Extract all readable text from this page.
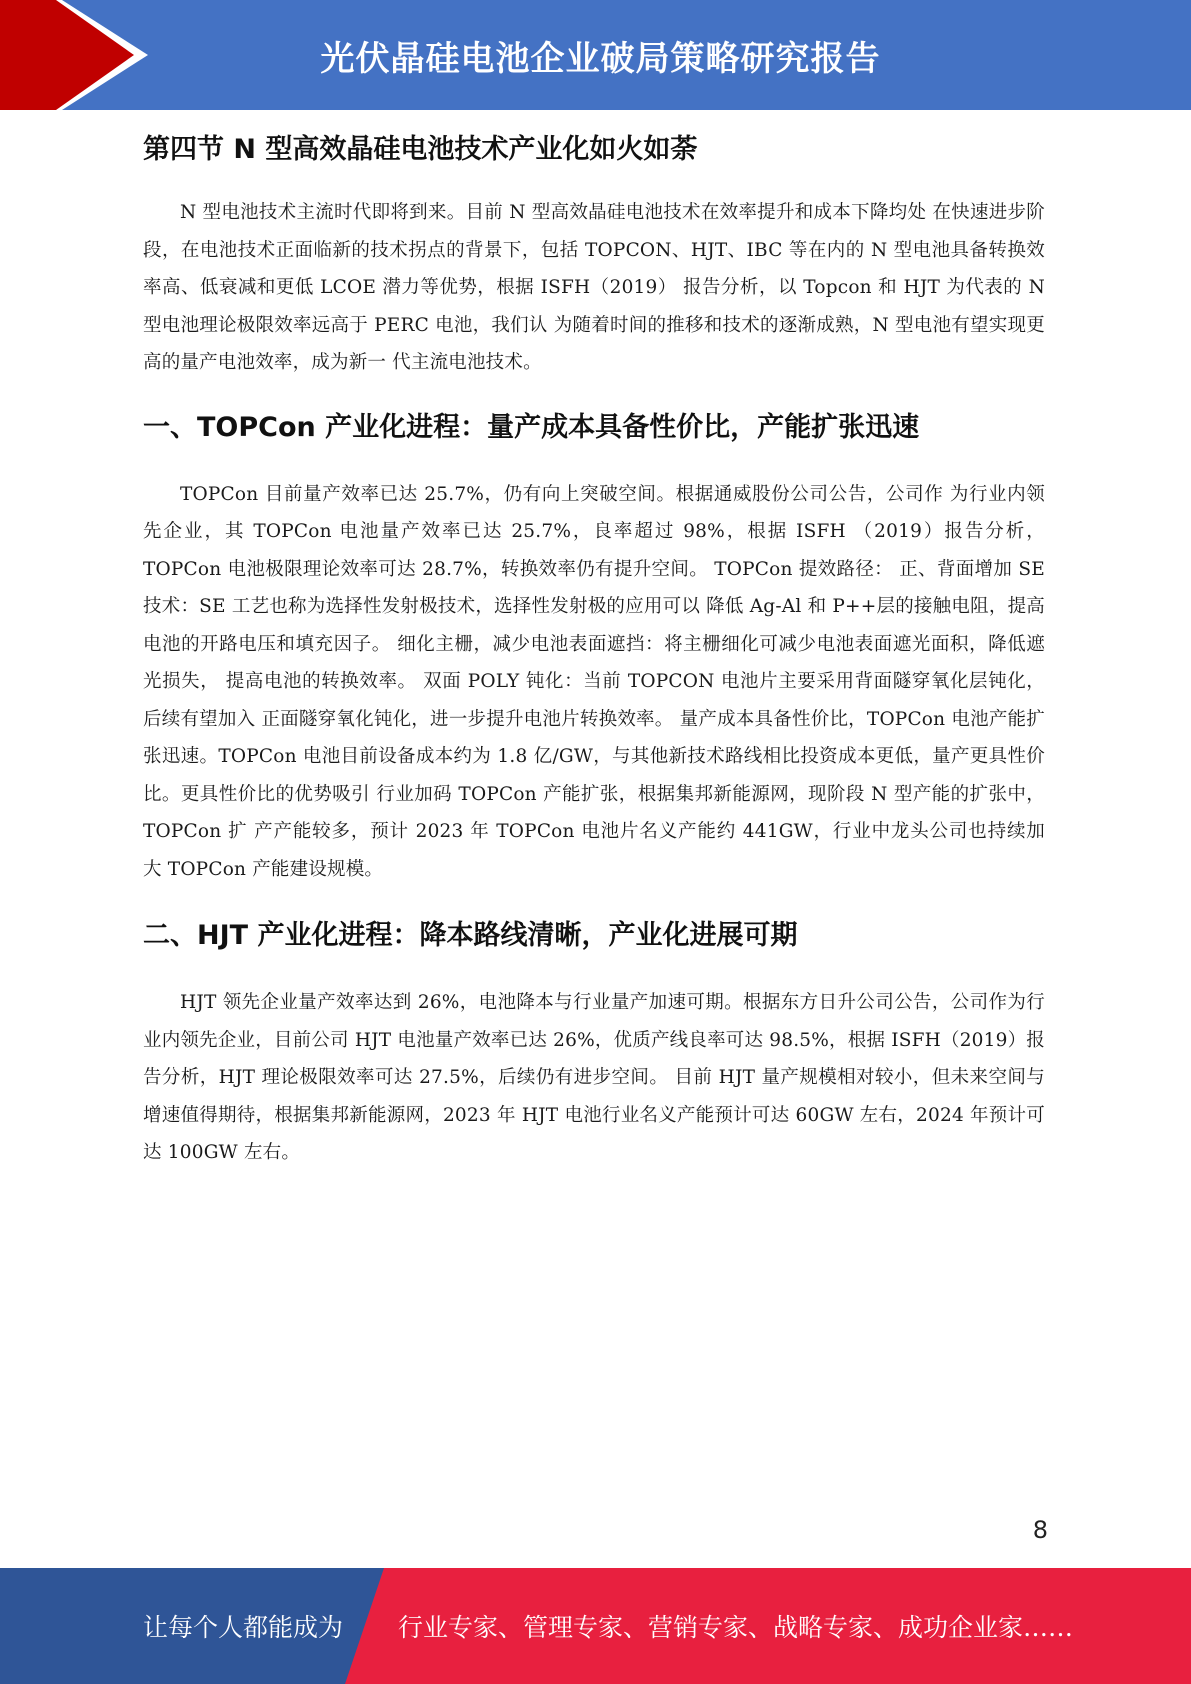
光伏晶硅电池企业破局策略研究报告
第四节 N 型高效晶硅电池技术产业化如火如荼

N 型电池技术主流时代即将到来。目前 N 型高效晶硅电池技术在效率提升和成本下降均处 在快速进步阶段，在电池技术正面临新的技术拐点的背景下，包括 TOPCON、HJT、IBC 等在内的 N 型电池具备转换效率高、低衰减和更低 LCOE 潜力等优势，根据 ISFH（2019） 报告分析，以 Topcon 和 HJT 为代表的 N 型电池理论极限效率远高于 PERC 电池，我们认 为随着时间的推移和技术的逐渐成熟，N 型电池有望实现更高的量产电池效率，成为新一 代主流电池技术。

一、TOPCon 产业化进程：量产成本具备性价比，产能扩张迅速

TOPCon 目前量产效率已达 25.7%，仍有向上突破空间。根据通威股份公司公告，公司作 为行业内领先企业，其 TOPCon 电池量产效率已达 25.7%，良率超过 98%，根据 ISFH （2019）报告分析，TOPCon 电池极限理论效率可达 28.7%，转换效率仍有提升空间。 TOPCon 提效路径： 正、背面增加 SE 技术：SE 工艺也称为选择性发射极技术，选择性发射极的应用可以 降低 Ag-Al 和 P++层的接触电阻，提高电池的开路电压和填充因子。 细化主栅，减少电池表面遮挡：将主栅细化可减少电池表面遮光面积，降低遮光损失， 提高电池的转换效率。 双面 POLY 钝化：当前 TOPCON 电池片主要采用背面隧穿氧化层钝化，后续有望加入 正面隧穿氧化钝化，进一步提升电池片转换效率。 量产成本具备性价比，TOPCon 电池产能扩张迅速。TOPCon 电池目前设备成本约为 1.8 亿/GW，与其他新技术路线相比投资成本更低，量产更具性价比。更具性价比的优势吸引 行业加码 TOPCon 产能扩张，根据集邦新能源网，现阶段 N 型产能的扩张中，TOPCon 扩 产产能较多，预计 2023 年 TOPCon 电池片名义产能约 441GW，行业中龙头公司也持续加 大 TOPCon 产能建设规模。

二、HJT 产业化进程：降本路线清晰，产业化进展可期

HJT 领先企业量产效率达到 26%，电池降本与行业量产加速可期。根据东方日升公司公告，公司作为行业内领先企业，目前公司 HJT 电池量产效率已达 26%，优质产线良率可达 98.5%，根据 ISFH（2019）报告分析，HJT 理论极限效率可达 27.5%，后续仍有进步空间。 目前 HJT 量产规模相对较小，但未来空间与增速值得期待，根据集邦新能源网，2023 年 HJT 电池行业名义产能预计可达 60GW 左右，2024 年预计可达 100GW 左右。

8
让每个人都能成为 行业专家、管理专家、营销专家、战略专家、成功企业家……
